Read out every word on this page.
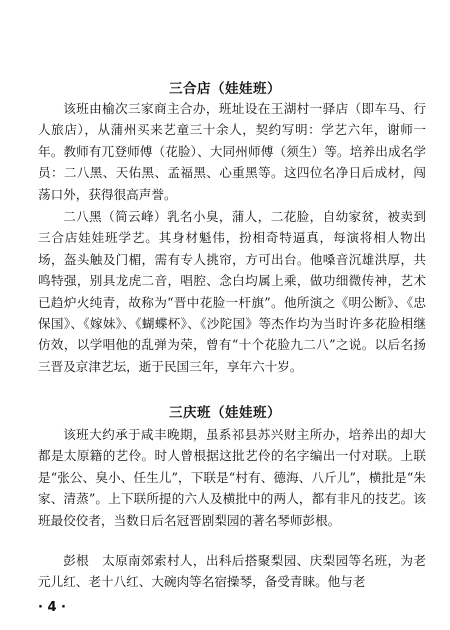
三合店（娃娃班）
该班由榆次三家商主合办，班址设在王湖村一驿店（即车马、行人旅店），从蒲州买来艺童三十余人，契约写明：学艺六年，谢师一年。教师有兀登师傅（花脸）、大同州师傅（须生）等。培养出成名学员：二八黑、天佑黑、孟福黑、心重黑等。这四位名净日后成材，闯荡口外，获得很高声誉。
二八黑（简云峰）乳名小臭，蒲人，二花脸，自幼家贫，被卖到三合店娃娃班学艺。其身材魁伟，扮相奇特逼真，每演将相人物出场，盔头触及门楣，需有专人挑帘，方可出台。他嗓音沉雄洪厚，共鸣特强，别具龙虎二音，唱腔、念白均属上乘，做功细微传神，艺术已趋炉火纯青，故称为“晋中花脸一杆旗”。他所演之《明公断》、《忠保国》、《嫁妹》、《蝴蝶杯》、《沙陀国》等杰作均为当时许多花脸相继仿效，以学唱他的乱弹为荣，曾有“十个花脸九二八”之说。以后名扬三晋及京津艺坛，逝于民国三年，享年六十岁。
三庆班（娃娃班）
该班大约承于咸丰晚期，虽系祁县苏兴财主所办，培养出的却大都是太原籍的艺伶。时人曾根据这批艺伶的名字编出一付对联。上联是“张公、臭小、任生儿”，下联是“村有、德海、八斤儿”，横批是“朱家、清蒸”。上下联所提的六人及横批中的两人，都有非凡的技艺。该班最佼佼者，当数日后名冠晋剧梨园的著名琴师彭根。
彭根　太原南郊索村人，出科后搭聚梨园、庆梨园等名班，为老元儿红、老十八红、大碗肉等名宿操琴，备受青睐。他与老
· 4 ·
